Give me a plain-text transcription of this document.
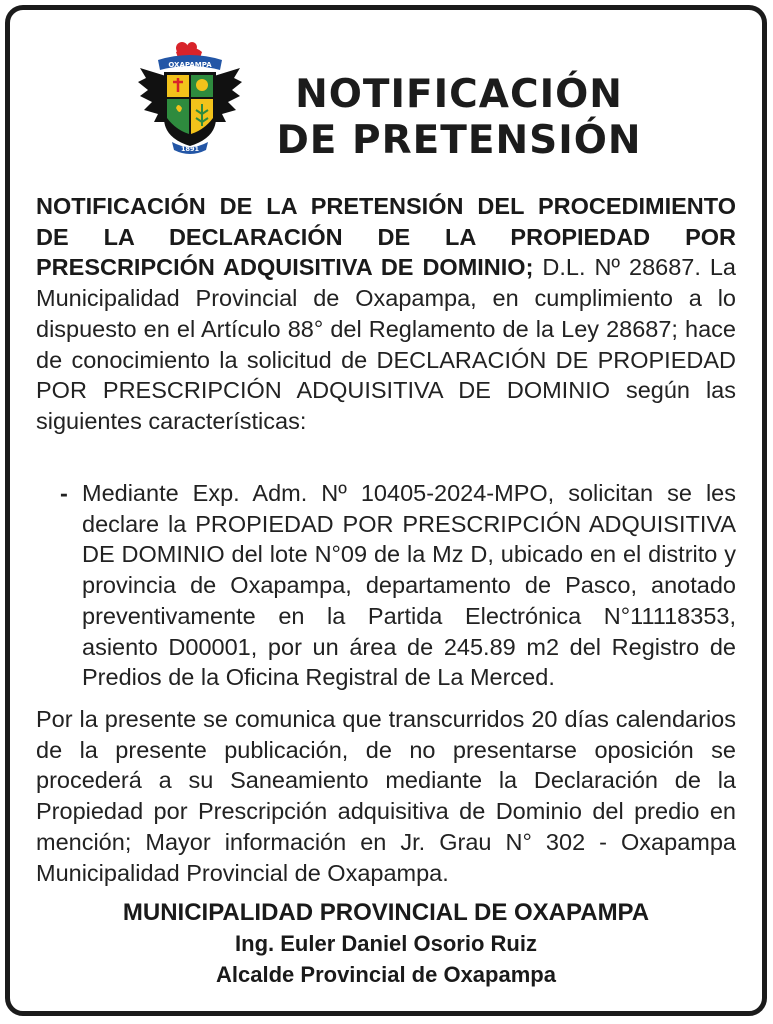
OXAPAMPA
1891
NOTIFICACIÓN
DE PRETENSIÓN
NOTIFICACIÓN DE LA PRETENSIÓN DEL PROCEDIMIENTO DE LA DECLARACIÓN DE LA PROPIEDAD POR PRESCRIPCIÓN ADQUISITIVA DE DOMINIO; D.L. Nº 28687. La Municipalidad Provincial de Oxapampa, en cumplimiento a lo dispuesto en el Artículo 88° del Reglamento de la Ley 28687; hace de conocimiento la solicitud de DECLARACIÓN DE PROPIEDAD POR PRESCRIPCIÓN ADQUISITIVA DE DOMINIO según las siguientes características:
- Mediante Exp. Adm. Nº 10405-2024-MPO, solicitan se les declare la PROPIEDAD POR PRESCRIPCIÓN ADQUISITIVA DE DOMINIO del lote N°09 de la Mz D, ubicado en el distrito y provincia de Oxapampa, departamento de Pasco, anotado preventivamente en la Partida Electrónica N°11118353, asiento D00001, por un área de 245.89 m2 del Registro de Predios de la Oficina Registral de La Merced.
Por la presente se comunica que transcurridos 20 días calendarios de la presente publicación, de no presentarse oposición se procederá a su Saneamiento mediante la Declaración de la Propiedad por Prescripción adquisitiva de Dominio del predio en mención; Mayor información en Jr. Grau N° 302 - Oxapampa Municipalidad Provincial de Oxapampa.
MUNICIPALIDAD PROVINCIAL DE OXAPAMPA
Ing. Euler Daniel Osorio Ruiz
Alcalde Provincial de Oxapampa
